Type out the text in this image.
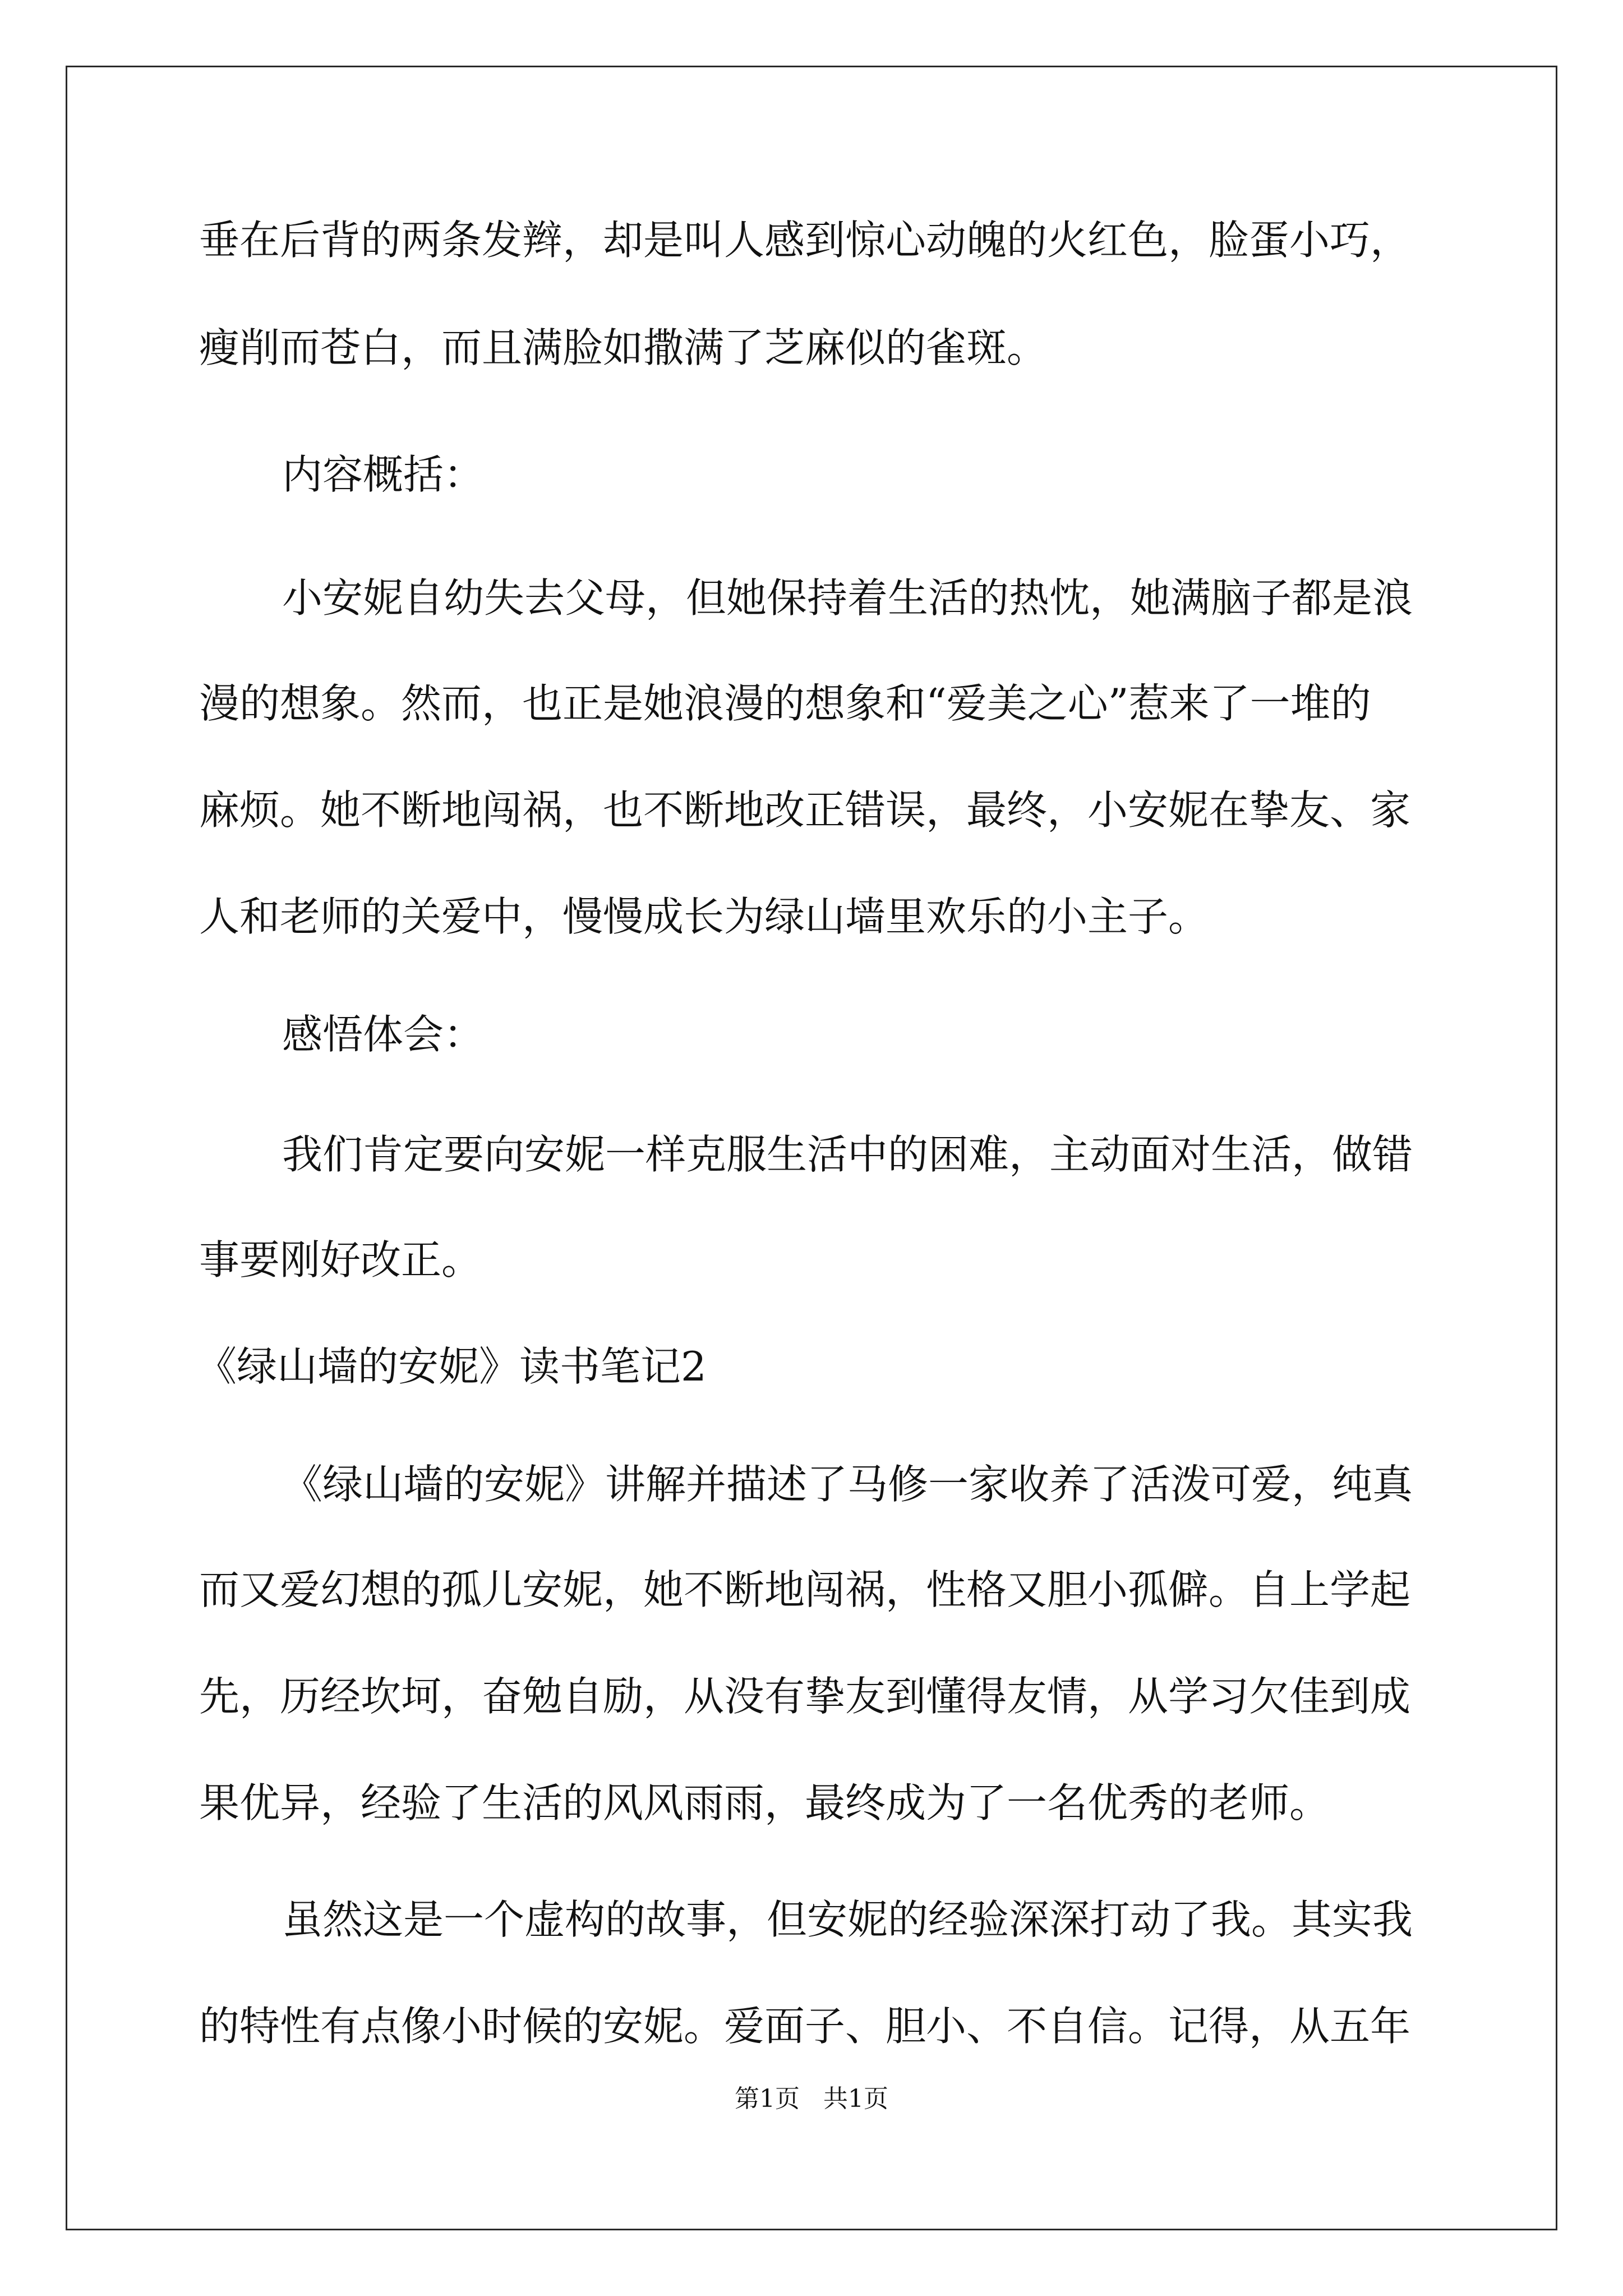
垂在后背的两条发辫，却是叫人感到惊心动魄的火红色，脸蛋小巧，
瘦削而苍白，而且满脸如撒满了芝麻似的雀斑。
内容概括：
小安妮自幼失去父母，但她保持着生活的热忱，她满脑子都是浪
漫的想象。然而，也正是她浪漫的想象和“爱美之心”惹来了一堆的
麻烦。她不断地闯祸，也不断地改正错误，最终，小安妮在挚友、家
人和老师的关爱中，慢慢成长为绿山墙里欢乐的小主子。
感悟体会：
我们肯定要向安妮一样克服生活中的困难，主动面对生活，做错
事要刚好改正。
《绿山墙的安妮》读书笔记2
《绿山墙的安妮》讲解并描述了马修一家收养了活泼可爱，纯真
而又爱幻想的孤儿安妮，她不断地闯祸，性格又胆小孤僻。自上学起
先，历经坎坷，奋勉自励，从没有挚友到懂得友情，从学习欠佳到成
果优异，经验了生活的风风雨雨，最终成为了一名优秀的老师。
虽然这是一个虚构的故事，但安妮的经验深深打动了我。其实我
的特性有点像小时候的安妮。爱面子、胆小、不自信。记得，从五年
第1页   共1页
